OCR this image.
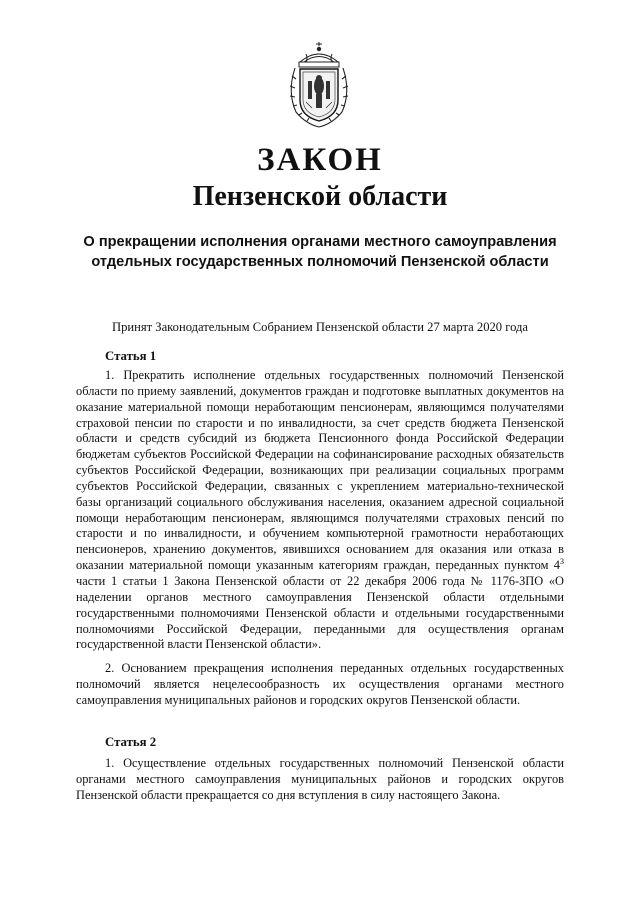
ЗАКОН
Пензенской области
О прекращении исполнения органами местного самоуправления отдельных государственных полномочий Пензенской области
Принят Законодательным Собранием Пензенской области 27 марта 2020 года
Статья 1

1. Прекратить исполнение отдельных государственных полномочий Пензенской области по приему заявлений, документов граждан и подготовке выплатных документов на оказание материальной помощи неработающим пенсионерам, являющимся получателями страховой пенсии по старости и по инвалидности, за счет средств бюджета Пензенской области и средств субсидий из бюджета Пенсионного фонда Российской Федерации бюджетам субъектов Российской Федерации на софинансирование расходных обязательств субъектов Российской Федерации, возникающих при реализации социальных программ субъектов Российской Федерации, связанных с укреплением материально-технической базы организаций социального обслуживания населения, оказанием адресной социальной помощи неработающим пенсионерам, являющимся получателями страховых пенсий по старости и по инвалидности, и обучением компьютерной грамотности неработающих пенсионеров, хранению документов, явившихся основанием для оказания или отказа в оказании материальной помощи указанным категориям граждан, переданных пунктом $4^3$ части 1 статьи 1 Закона Пензенской области от 22 декабря 2006 года № 1176-ЗПО «О наделении органов местного самоуправления Пензенской области отдельными государственными полномочиями Пензенской области и отдельными государственными полномочиями Российской Федерации, переданными для осуществления органам государственной власти Пензенской области».

2. Основанием прекращения исполнения переданных отдельных государственных полномочий является нецелесообразность их осуществления органами местного самоуправления муниципальных районов и городских округов Пензенской области.

Статья 2

1. Осуществление отдельных государственных полномочий Пензенской области органами местного самоуправления муниципальных районов и городских округов Пензенской области прекращается со дня вступления в силу настоящего Закона.
